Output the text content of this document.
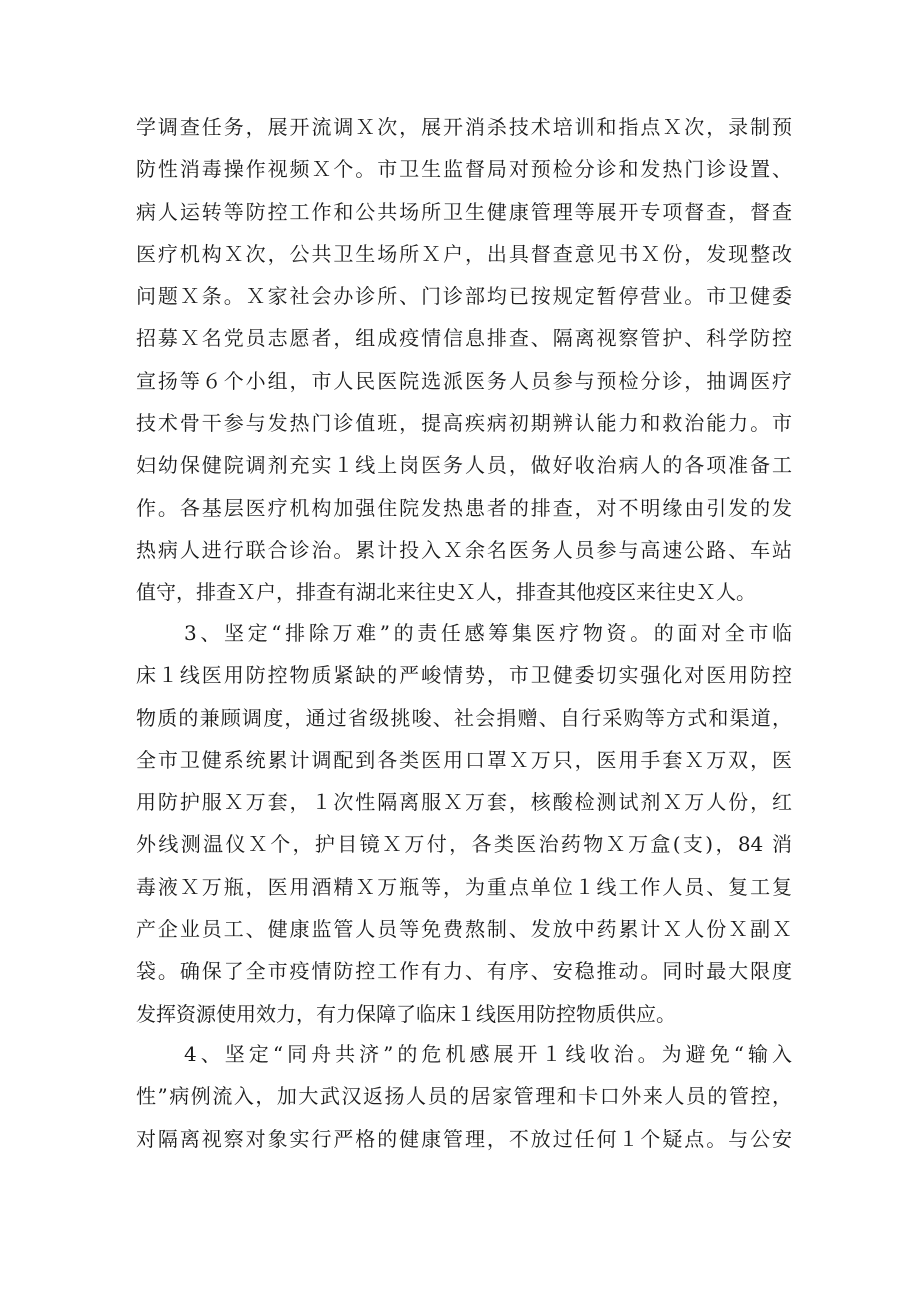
学调查任务，展开流调Ｘ次，展开消杀技术培训和指点Ｘ次，录制预
防性消毒操作视频Ｘ个。市卫生监督局对预检分诊和发热门诊设置、
病人运转等防控工作和公共场所卫生健康管理等展开专项督查，督查
医疗机构Ｘ次，公共卫生场所Ｘ户，出具督查意见书Ｘ份，发现整改
问题Ｘ条。Ｘ家社会办诊所、门诊部均已按规定暂停营业。市卫健委
招募Ｘ名党员志愿者，组成疫情信息排查、隔离视察管护、科学防控
宣扬等６个小组，市人民医院选派医务人员参与预检分诊，抽调医疗
技术骨干参与发热门诊值班，提高疾病初期辨认能力和救治能力。市
妇幼保健院调剂充实１线上岗医务人员，做好收治病人的各项准备工
作。各基层医疗机构加强住院发热患者的排查，对不明缘由引发的发
热病人进行联合诊治。累计投入Ｘ余名医务人员参与高速公路、车站
值守，排查Ｘ户，排查有湖北来往史Ｘ人，排查其他疫区来往史Ｘ人。
3、坚定“排除万难”的责任感筹集医疗物资。的面对全市临
床１线医用防控物质紧缺的严峻情势，市卫健委切实强化对医用防控
物质的兼顾调度，通过省级挑唆、社会捐赠、自行采购等方式和渠道，
全市卫健系统累计调配到各类医用口罩Ｘ万只，医用手套Ｘ万双，医
用防护服Ｘ万套，１次性隔离服Ｘ万套，核酸检测试剂Ｘ万人份，红
外线测温仪Ｘ个，护目镜Ｘ万付，各类医治药物Ｘ万盒(支)，84 消
毒液Ｘ万瓶，医用酒精Ｘ万瓶等，为重点单位１线工作人员、复工复
产企业员工、健康监管人员等免费熬制、发放中药累计Ｘ人份Ｘ副Ｘ
袋。确保了全市疫情防控工作有力、有序、安稳推动。同时最大限度
发挥资源使用效力，有力保障了临床１线医用防控物质供应。
4、坚定“同舟共济”的危机感展开１线收治。为避免“输入
性”病例流入，加大武汉返扬人员的居家管理和卡口外来人员的管控，
对隔离视察对象实行严格的健康管理，不放过任何１个疑点。与公安
